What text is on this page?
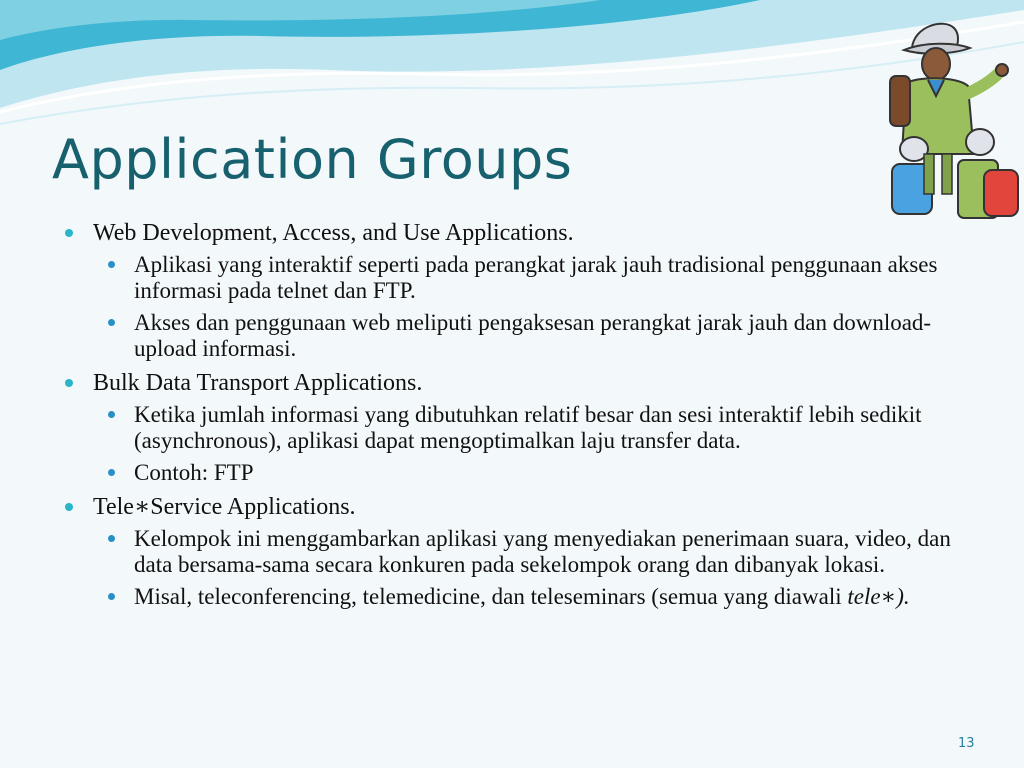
Application Groups
Web Development, Access, and Use Applications.
Aplikasi yang interaktif seperti pada perangkat jarak jauh tradisional penggunaan akses informasi pada telnet dan FTP.
Akses dan penggunaan web meliputi pengaksesan perangkat jarak jauh dan download-upload informasi.
Bulk Data Transport Applications.
Ketika jumlah informasi yang dibutuhkan relatif besar dan sesi interaktif lebih sedikit (asynchronous), aplikasi dapat mengoptimalkan laju transfer data.
Contoh: FTP
Tele∗Service Applications.
Kelompok ini menggambarkan aplikasi yang menyediakan penerimaan suara, video, dan data bersama-sama secara konkuren pada sekelompok orang dan dibanyak lokasi.
Misal, teleconferencing, telemedicine, dan teleseminars (semua yang diawali tele∗).
13
